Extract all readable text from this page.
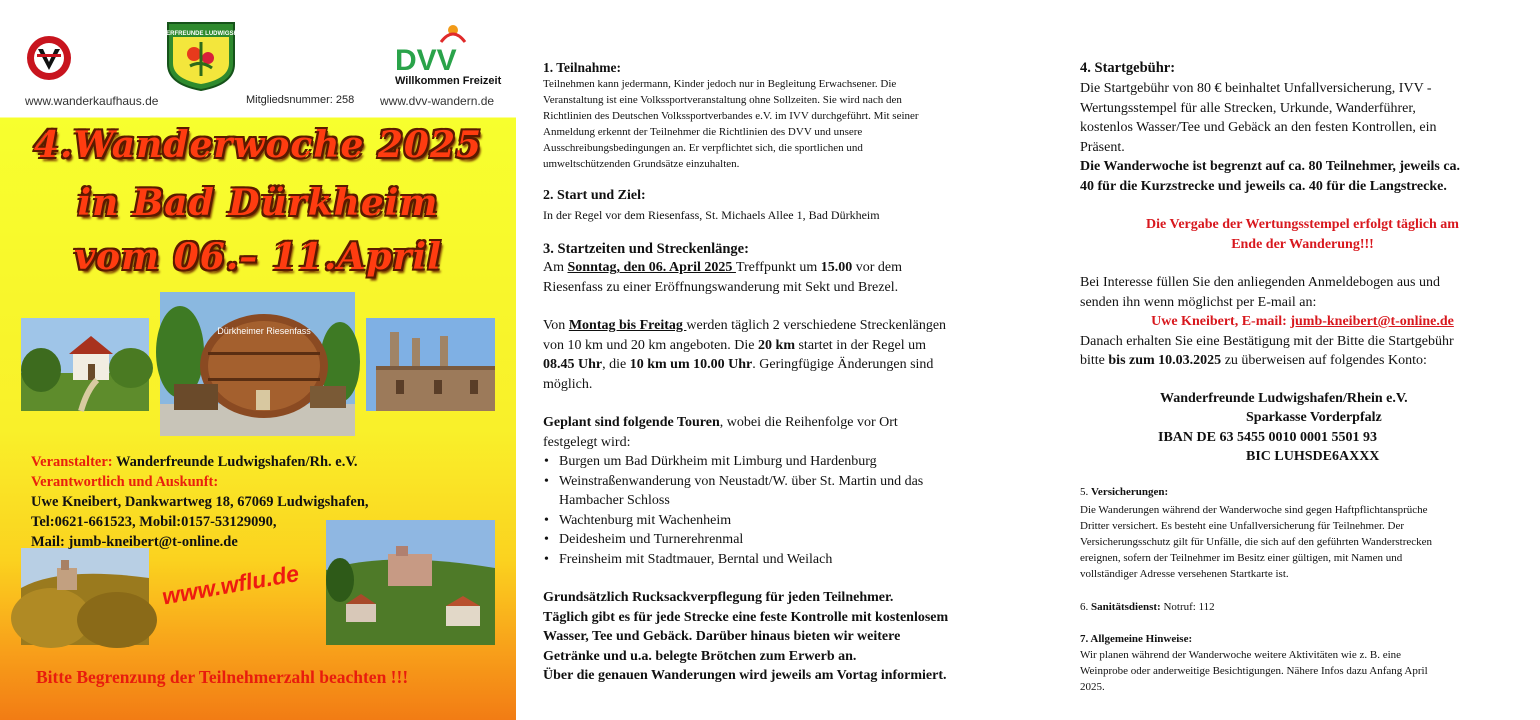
WANDERFREUNDE LUDWIGSHAFEN
DVV
Willkommen Freizeit
www.wanderkaufhaus.de	Mitgliedsnummer: 258 www.dvv-wandern.de
4.Wanderwoche 2025
in Bad Dürkheim
vom 06.– 11.April
Dürkheimer Riesenfass
Veranstalter: Wanderfreunde Ludwigshafen/Rh. e.V.
Verantwortlich und Auskunft:
Uwe Kneibert, Dankwartweg 18, 67069 Ludwigshafen,
Tel:0621-661523, Mobil:0157-53129090,
Mail: jumb-kneibert@t-online.de
www.wflu.de
Bitte Begrenzung der Teilnehmerzahl beachten !!!
1. Teilnahme:
Teilnehmen kann jedermann, Kinder jedoch nur in Begleitung Erwachsener. Die
Veranstaltung ist eine Volkssportveranstaltung ohne Sollzeiten. Sie wird nach den
Richtlinien des Deutschen Volkssportverbandes e.V. im IVV durchgeführt. Mit seiner
Anmeldung erkennt der Teilnehmer die Richtlinien des DVV und unsere
Ausschreibungsbedingungen an. Er verpflichtet sich, die sportlichen und
umweltschützenden Grundsätze einzuhalten.
2. Start und Ziel:
In der Regel vor dem Riesenfass, St. Michaels Allee 1, Bad Dürkheim
3. Startzeiten und Streckenlänge:
Am Sonntag, den 06. April 2025 Treffpunkt um 15.00 vor dem
Riesenfass zu einer Eröffnungswanderung mit Sekt und Brezel.
Von Montag bis Freitag werden täglich 2 verschiedene Streckenlängen
von 10 km und 20 km angeboten. Die 20 km startet in der Regel um
08.45 Uhr, die 10 km um 10.00 Uhr. Geringfügige Änderungen sind
möglich.
Geplant sind folgende Touren, wobei die Reihenfolge vor Ort
festgelegt wird:
• Burgen um Bad Dürkheim mit Limburg und Hardenburg
• Weinstraßenwanderung von Neustadt/W. über St. Martin und das
Hambacher Schloss
• Wachtenburg mit Wachenheim
• Deidesheim und Turnerehrenmal
• Freinsheim mit Stadtmauer, Berntal und Weilach
Grundsätzlich Rucksackverpflegung für jeden Teilnehmer.
Täglich gibt es für jede Strecke eine feste Kontrolle mit kostenlosem
Wasser, Tee und Gebäck. Darüber hinaus bieten wir weitere
Getränke und u.a. belegte Brötchen zum Erwerb an.
Über die genauen Wanderungen wird jeweils am Vortag informiert.
4. Startgebühr:
Die Startgebühr von 80 € beinhaltet Unfallversicherung, IVV -
Wertungsstempel für alle Strecken, Urkunde, Wanderführer,
kostenlos Wasser/Tee und Gebäck an den festen Kontrollen, ein
Präsent.
Die Wanderwoche ist begrenzt auf ca. 80 Teilnehmer, jeweils ca.
40 für die Kurzstrecke und jeweils ca. 40 für die Langstrecke.
Die Vergabe der Wertungsstempel erfolgt täglich am
Ende der Wanderung!!!
Bei Interesse füllen Sie den anliegenden Anmeldebogen aus und
senden ihn wenn möglichst per E-mail an:
Uwe Kneibert, E-mail: jumb-kneibert@t-online.de
Danach erhalten Sie eine Bestätigung mit der Bitte die Startgebühr
bitte bis zum 10.03.2025 zu überweisen auf folgendes Konto:
Wanderfreunde Ludwigshafen/Rhein e.V.
Sparkasse Vorderpfalz
IBAN DE 63 5455 0010 0001 5501 93
BIC LUHSDE6AXXX
5. Versicherungen:
Die Wanderungen während der Wanderwoche sind gegen Haftpflichtansprüche
Dritter versichert. Es besteht eine Unfallversicherung für Teilnehmer. Der
Versicherungsschutz gilt für Unfälle, die sich auf den geführten Wanderstrecken
ereignen, sofern der Teilnehmer im Besitz einer gültigen, mit Namen und
vollständiger Adresse versehenen Startkarte ist.
6. Sanitätsdienst: Notruf: 112
7. Allgemeine Hinweise:
Wir planen während der Wanderwoche weitere Aktivitäten wie z. B. eine
Weinprobe oder anderweitige Besichtigungen. Nähere Infos dazu Anfang April
2025.
